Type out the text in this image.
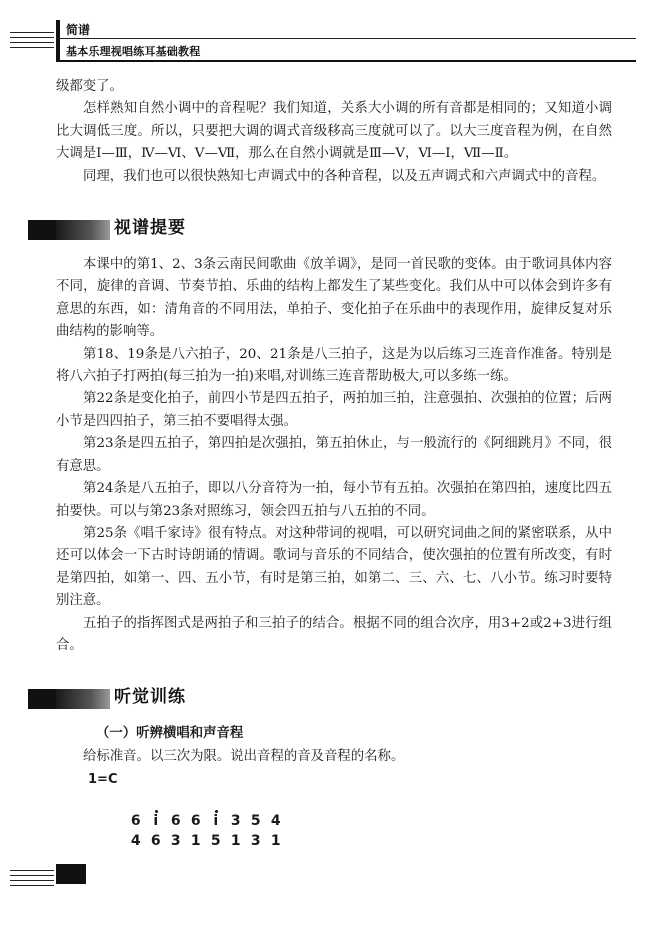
简谱
基本乐理视唱练耳基础教程

级都变了。

怎样熟知自然小调中的音程呢？我们知道，关系大小调的所有音都是相同的；又知道小调比大调低三度。所以，只要把大调的调式音级移高三度就可以了。以大三度音程为例，在自然大调是Ⅰ—Ⅲ，Ⅳ—Ⅵ、Ⅴ—Ⅶ，那么在自然小调就是Ⅲ—Ⅴ，Ⅵ—Ⅰ，Ⅶ—Ⅱ。

同理，我们也可以很快熟知七声调式中的各种音程，以及五声调式和六声调式中的音程。

视谱提要

本课中的第1、2、3条云南民间歌曲《放羊调》，是同一首民歌的变体。由于歌词具体内容不同，旋律的音调、节奏节拍、乐曲的结构上都发生了某些变化。我们从中可以体会到许多有意思的东西，如：清角音的不同用法，单拍子、变化拍子在乐曲中的表现作用，旋律反复对乐曲结构的影响等。

第18、19条是八六拍子，20、21条是八三拍子，这是为以后练习三连音作准备。特别是将八六拍子打两拍(每三拍为一拍)来唱,对训练三连音帮助极大,可以多练一练。

第22条是变化拍子，前四小节是四五拍子，两拍加三拍，注意强拍、次强拍的位置；后两小节是四四拍子，第三拍不要唱得太强。

第23条是四五拍子，第四拍是次强拍，第五拍休止，与一般流行的《阿细跳月》不同，很有意思。

第24条是八五拍子，即以八分音符为一拍，每小节有五拍。次强拍在第四拍，速度比四五拍要快。可以与第23条对照练习，领会四五拍与八五拍的不同。

第25条《唱千家诗》很有特点。对这种带词的视唱，可以研究词曲之间的紧密联系，从中还可以体会一下古时诗朗诵的情调。歌词与音乐的不同结合，使次强拍的位置有所改变，有时是第四拍，如第一、四、五小节，有时是第三拍，如第二、三、六、七、八小节。练习时要特别注意。

五拍子的指挥图式是两拍子和三拍子的结合。根据不同的组合次序，用3+2或2+3进行组合。

听觉训练
（一）听辨横唱和声音程

给标准音。以三次为限。说出音程的音及音程的名称。

1=C

6 i 6 6 i 3 5 4

4 6 3 1 5 1 3 1
